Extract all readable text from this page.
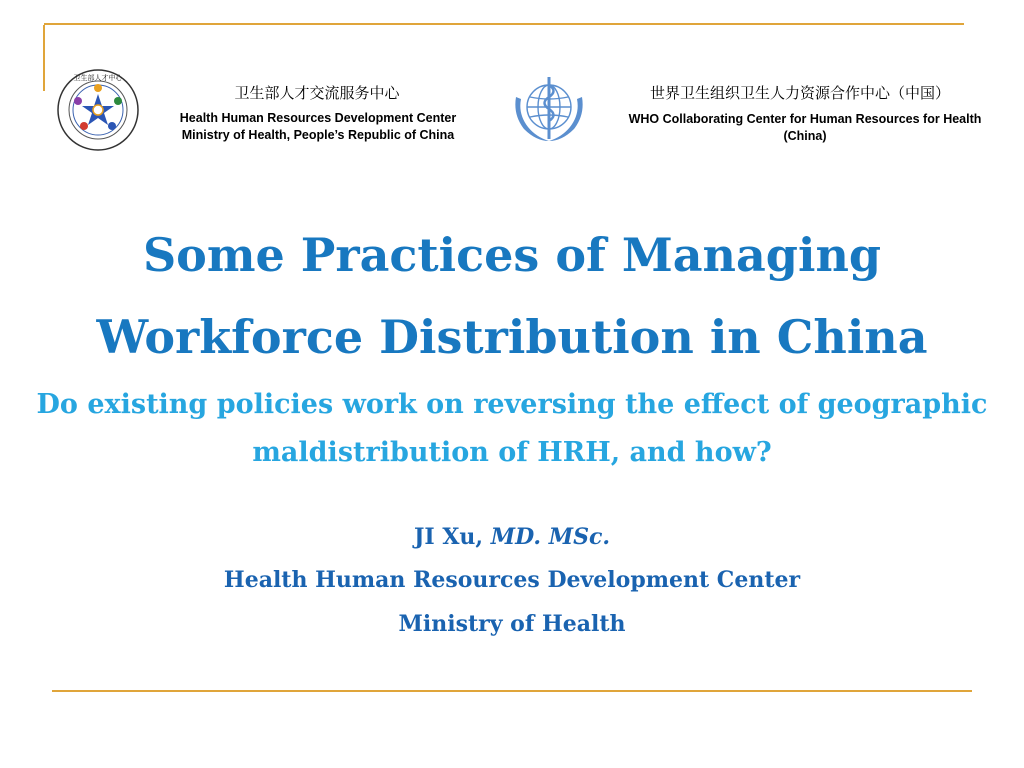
卫生部人才中心
卫生部人才交流服务中心
Health Human Resources Development Center
Ministry of Health, People’s Republic of China
世界卫生组织卫生人力资源合作中心（中国）
WHO Collaborating Center for Human Resources for Health (China)
Some Practices of Managing
Workforce Distribution in China
Do existing policies work on reversing the effect of geographic
maldistribution of HRH, and how?
JI Xu, MD. MSc.
Health Human Resources Development Center
Ministry of Health
